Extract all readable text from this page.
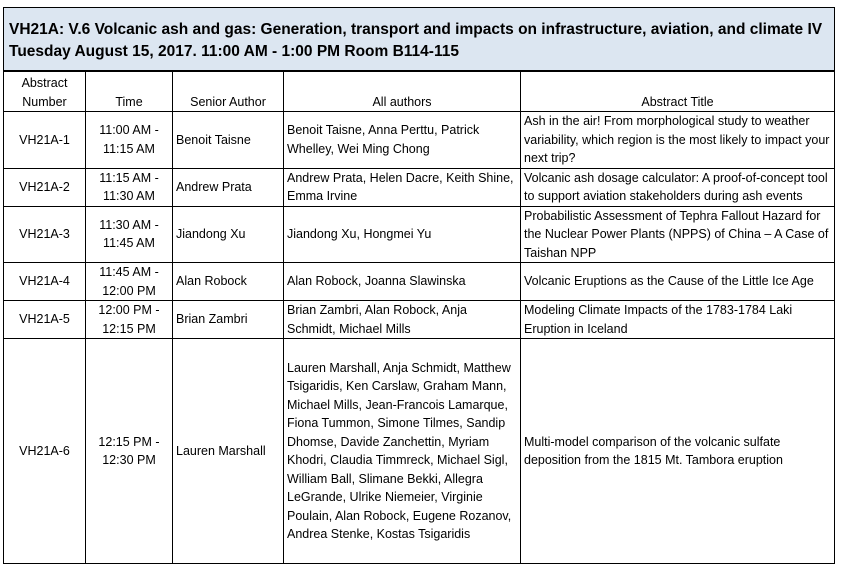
VH21A: V.6 Volcanic ash and gas: Generation, transport and impacts on infrastructure, aviation, and climate IV
Tuesday August 15, 2017. 11:00 AM - 1:00 PM Room B114-115
Abstract
Number	Time	Senior Author	All authors	Abstract Title
VH21A-1	11:00 AM -
11:15 AM	Benoit Taisne	Benoit Taisne, Anna Perttu, Patrick Whelley, Wei Ming Chong	Ash in the air! From morphological study to weather variability, which region is the most likely to impact your next trip?
VH21A-2	11:15 AM -
11:30 AM	Andrew Prata	Andrew Prata, Helen Dacre, Keith Shine, Emma Irvine	Volcanic ash dosage calculator: A proof-of-concept tool to support aviation stakeholders during ash events
VH21A-3	11:30 AM -
11:45 AM	Jiandong Xu	Jiandong Xu, Hongmei Yu	Probabilistic Assessment of Tephra Fallout Hazard for the Nuclear Power Plants (NPPS) of China – A Case of Taishan NPP
VH21A-4	11:45 AM -
12:00 PM	Alan Robock	Alan Robock, Joanna Slawinska	Volcanic Eruptions as the Cause of the Little Ice Age
VH21A-5	12:00 PM -
12:15 PM	Brian Zambri	Brian Zambri, Alan Robock, Anja Schmidt, Michael Mills	Modeling Climate Impacts of the 1783-1784 Laki Eruption in Iceland
VH21A-6	12:15 PM -
12:30 PM	Lauren Marshall	Lauren Marshall, Anja Schmidt, Matthew Tsigaridis, Ken Carslaw, Graham Mann, Michael Mills, Jean-Francois Lamarque, Fiona Tummon, Simone Tilmes, Sandip Dhomse, Davide Zanchettin, Myriam Khodri, Claudia Timmreck, Michael Sigl, William Ball, Slimane Bekki, Allegra LeGrande, Ulrike Niemeier, Virginie Poulain, Alan Robock, Eugene Rozanov, Andrea Stenke, Kostas Tsigaridis	Multi-model comparison of the volcanic sulfate deposition from the 1815 Mt. Tambora eruption
